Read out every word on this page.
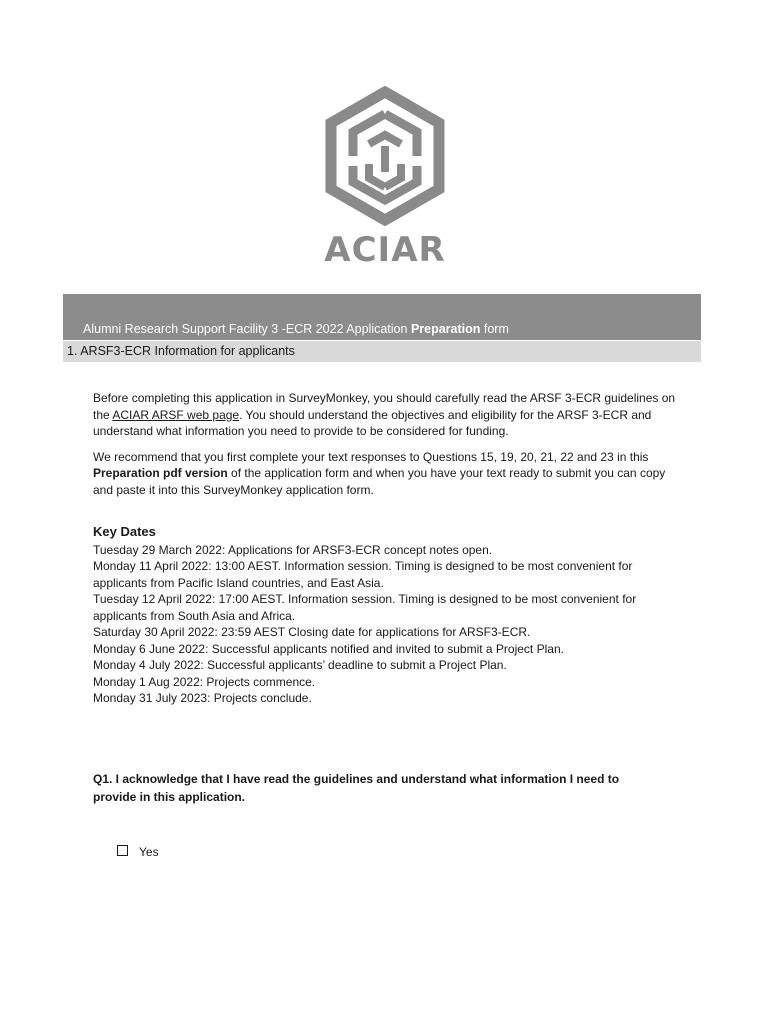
ACIAR
Alumni Research Support Facility 3 -ECR 2022 Application Preparation form
1. ARSF3-ECR Information for applicants

Before completing this application in SurveyMonkey, you should carefully read the ARSF 3-ECR guidelines on the ACIAR ARSF web page. You should understand the objectives and eligibility for the ARSF 3-ECR and understand what information you need to provide to be considered for funding.

We recommend that you first complete your text responses to Questions 15, 19, 20, 21, 22 and 23 in this Preparation pdf version of the application form and when you have your text ready to submit you can copy and paste it into this SurveyMonkey application form.

Key Dates
Tuesday 29 March 2022: Applications for ARSF3-ECR concept notes open.
Monday 11 April 2022: 13:00 AEST. Information session. Timing is designed to be most convenient for applicants from Pacific Island countries, and East Asia.
Tuesday 12 April 2022: 17:00 AEST. Information session. Timing is designed to be most convenient for applicants from South Asia and Africa.
Saturday 30 April 2022: 23:59 AEST Closing date for applications for ARSF3-ECR.
Monday 6 June 2022: Successful applicants notified and invited to submit a Project Plan.
Monday 4 July 2022: Successful applicants’ deadline to submit a Project Plan.
Monday 1 Aug 2022: Projects commence.
Monday 31 July 2023: Projects conclude.
Q1. I acknowledge that I have read the guidelines and understand what information I need to provide in this application.
Yes
